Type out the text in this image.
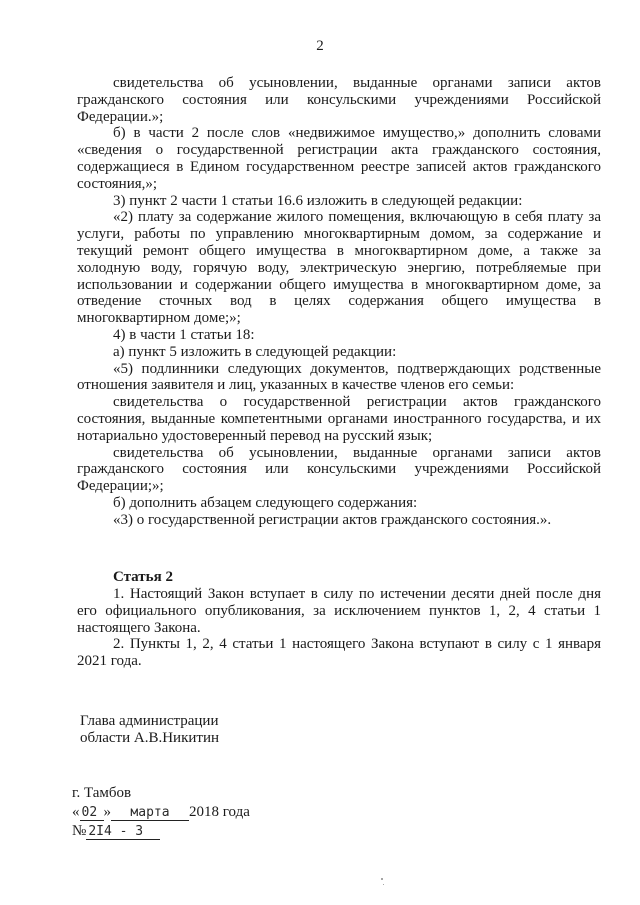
2

свидетельства об усыновлении, выданные органами записи актов гражданского состояния или консульскими учреждениями Российской Федерации.»;

б) в части 2 после слов «недвижимое имущество,» дополнить словами «сведения о государственной регистрации акта гражданского состояния, содержащиеся в Едином государственном реестре записей актов гражданского состояния,»;

3) пункт 2 части 1 статьи 16.6 изложить в следующей редакции:

«2) плату за содержание жилого помещения, включающую в себя плату за услуги, работы по управлению многоквартирным домом, за содержание и текущий ремонт общего имущества в многоквартирном доме, а также за холодную воду, горячую воду, электрическую энергию, потребляемые при использовании и содержании общего имущества в многоквартирном доме, за отведение сточных вод в целях содержания общего имущества в многоквартирном доме;»;

4) в части 1 статьи 18:

а) пункт 5 изложить в следующей редакции:

«5) подлинники следующих документов, подтверждающих родственные отношения заявителя и лиц, указанных в качестве членов его семьи:

свидетельства о государственной регистрации актов гражданского состояния, выданные компетентными органами иностранного государства, и их нотариально удостоверенный перевод на русский язык;

свидетельства об усыновлении, выданные органами записи актов гражданского состояния или консульскими учреждениями Российской Федерации;»;

б) дополнить абзацем следующего содержания:

«3) о государственной регистрации актов гражданского состояния.».

Статья 2

1. Настоящий Закон вступает в силу по истечении десяти дней после дня его официального опубликования, за исключением пунктов 1, 2, 4 статьи 1 настоящего Закона.

2. Пункты 1, 2, 4 статьи 1 настоящего Закона вступают в силу с 1 января 2021 года.

Глава администрации
области А.В.Никитин
г. Тамбов
« 02 » марта 2018 года
№ 2I4 - 3
